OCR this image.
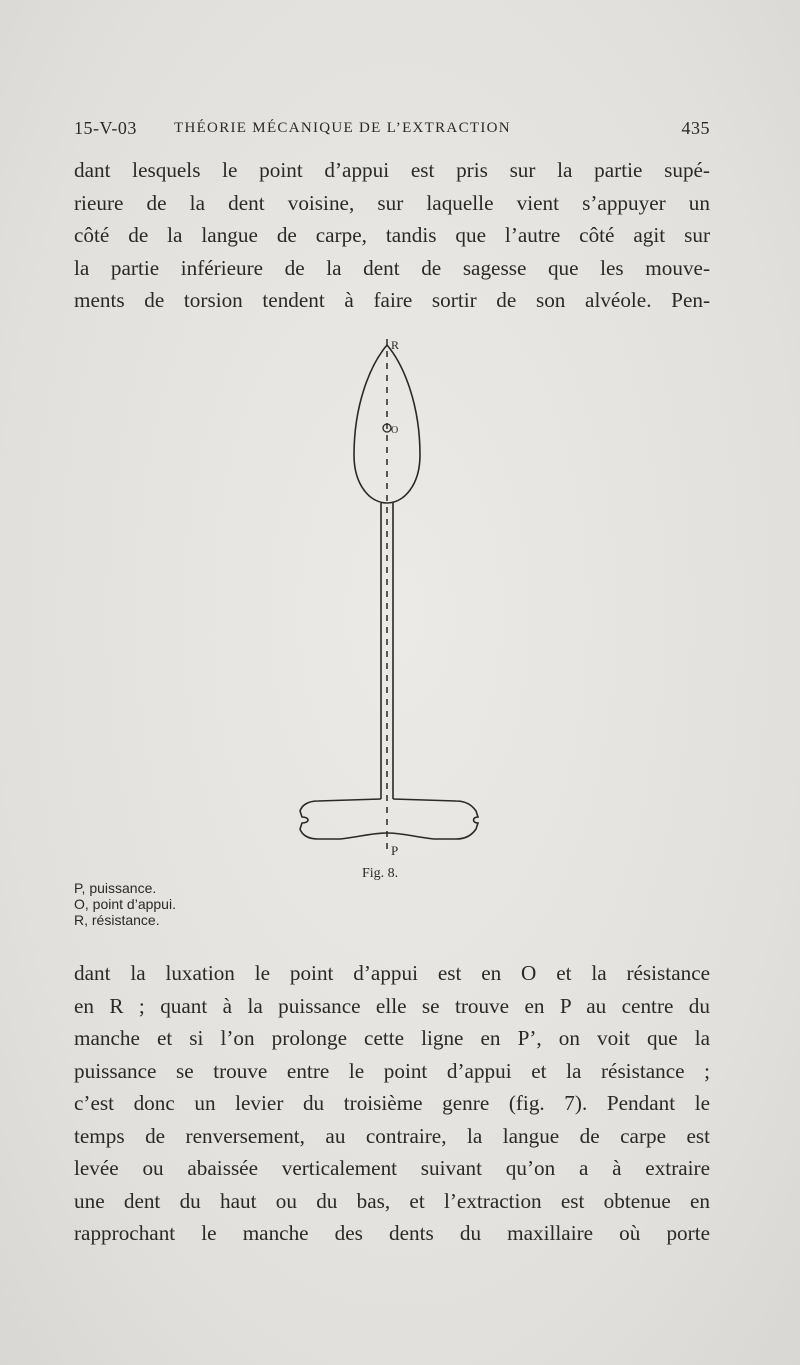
15-V-03 THÉORIE MÉCANIQUE DE L’EXTRACTION	435
dant lesquels le point d’appui est pris sur la partie supé-
rieure de la dent voisine, sur laquelle vient s’appuyer un
côté de la langue de carpe, tandis que l’autre côté agit sur
la partie inférieure de la dent de sagesse que les mouve-
ments de torsion tendent à faire sortir de son alvéole. Pen-
R
O
P
Fig. 8.
P, puissance.
O, point d’appui.
R, résistance.
dant la luxation le point d’appui est en O et la résistance
en R ; quant à la puissance elle se trouve en P au centre du
manche et si l’on prolonge cette ligne en P’, on voit que la
puissance se trouve entre le point d’appui et la résistance ;
c’est donc un levier du troisième genre (fig. 7). Pendant le
temps de renversement, au contraire, la langue de carpe est
levée ou abaissée verticalement suivant qu’on a à extraire
une dent du haut ou du bas, et l’extraction est obtenue en
rapprochant le manche des dents du maxillaire où porte
